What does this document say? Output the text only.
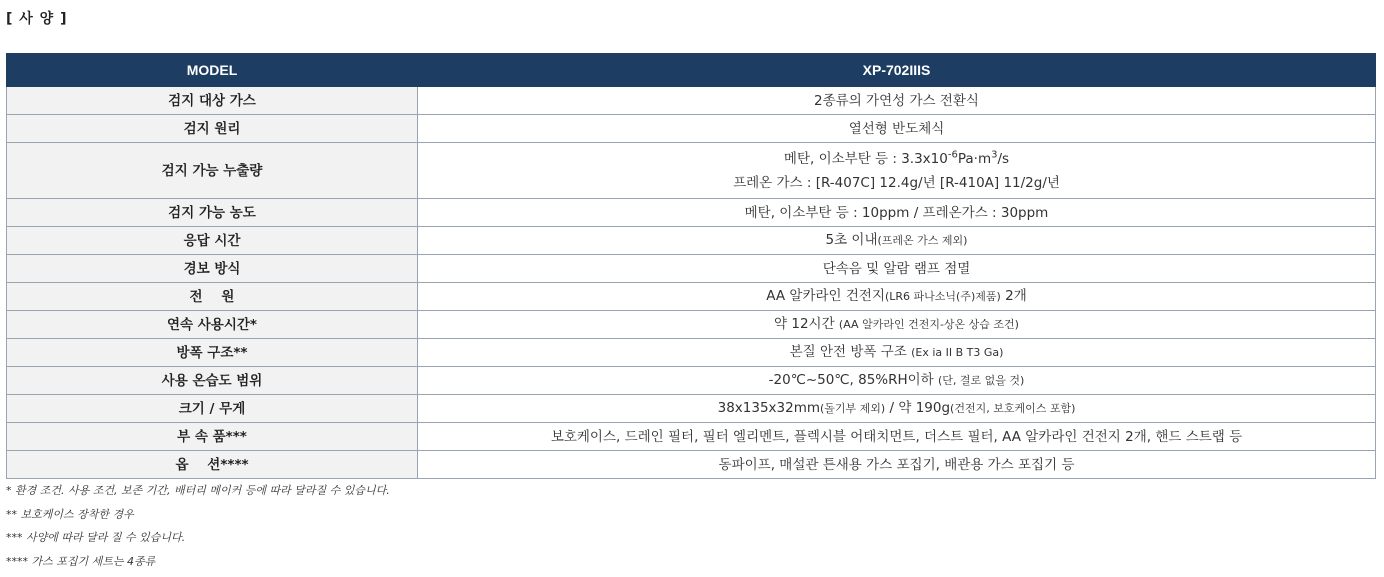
[ 사 양 ]
MODEL	XP-702IIIS
검지 대상 가스	2종류의 가연성 가스 전환식
검지 원리	열선형 반도체식
검지 가능 누출량	메탄, 이소부탄 등 : $3.3x10^{-6}Pa\cdot m^3/s$
프레온 가스 : [R-407C] 12.4g/년 [R-410A] 11/2g/년

검지 가능 농도	메탄, 이소부탄 등 : 10ppm / 프레온가스 : 30ppm
응답 시간	5초 이내(프레온 가스 제외)
경보 방식	단속음 및 알람 램프 점멸
전    원	AA 알카라인 건전지(LR6 파나소닉(주)제품) 2개
연속 사용시간*	약 12시간 (AA 알카라인 건전지-상온 상습 조건)
방폭 구조**	본질 안전 방폭 구조 (Ex ia II B T3 Ga)
사용 온습도 범위	-20℃~50℃, 85%RH이하 (단, 결로 없을 것)
크기 / 무게	38x135x32mm(돌기부 제외) / 약 190g(건전지, 보호케이스 포함)
부 속 품***	보호케이스, 드레인 필터, 필터 엘리멘트, 플렉시블 어태치먼트, 더스트 필터, AA 알카라인 건전지 2개, 핸드 스트랩 등
옵    션****	동파이프, 매설관 튼새용 가스 포집기, 배관용 가스 포집기 등
* 환경 조건. 사용 조건, 보존 기간, 배터리 메이커 등에 따라 달라질 수 있습니다.
** 보호케이스 장착한 경우
*** 사양에 따라 달라 질 수 있습니다.
**** 가스 포집기 세트는 4종류
